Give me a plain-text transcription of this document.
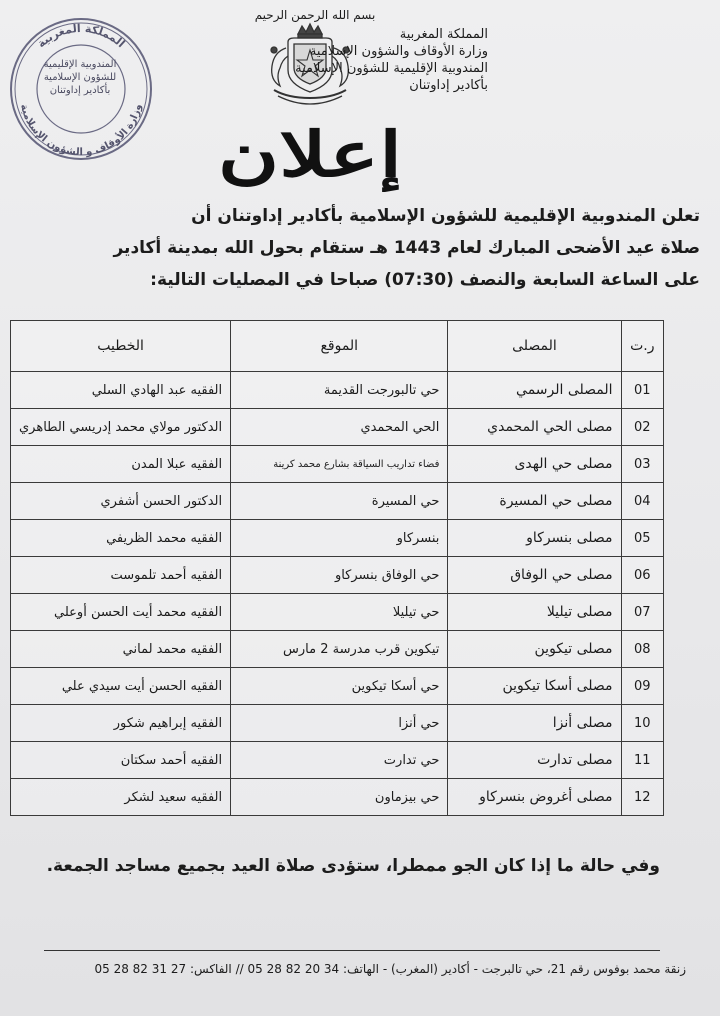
المملكة المغربية
وزارة الأوقاف و الشؤون الإسلامية
المندوبية الإقليمية
للشؤون الإسلامية
بأكادير إداوتنان
بسم الله الرحمن الرحيم
المملكة المغربية
وزارة الأوقاف والشؤون الإسلامية
المندوبية الإقليمية للشؤون الإسلامية
بأكادير إداوتنان
إعلان
تعلن المندوبية الإقليمية للشؤون الإسلامية بأكادير إداوتنان أن
صلاة عيد الأضحى المبارك لعام 1443 هـ ستقام بحول الله بمدينة أكادير
على الساعة السابعة والنصف (07:30) صباحا في المصليات التالية:
ر.ت	المصلى	الموقع	الخطيب
01	المصلى الرسمي	حي تالبورجت القديمة	الفقيه عبد الهادي السلي
02	مصلى الحي المحمدي	الحي المحمدي	الدكتور مولاي محمد إدريسي الطاهري
03	مصلى حي الهدى	فضاء تداريب السياقة بشارع محمد كرينة	الفقيه عبلا المدن
04	مصلى حي المسيرة	حي المسيرة	الدكتور الحسن أشفري
05	مصلى بنسركاو	بنسركاو	الفقيه محمد الظريفي
06	مصلى حي الوفاق	حي الوفاق بنسركاو	الفقيه أحمد تلموست
07	مصلى تيليلا	حي تيليلا	الفقيه محمد أيت الحسن أوعلي
08	مصلى تيكوين	تيكوين قرب مدرسة 2 مارس	الفقيه محمد لماني
09	مصلى أسكا تيكوين	حي أسكا تيكوين	الفقيه الحسن أيت سيدي علي
10	مصلى أنزا	حي أنزا	الفقيه إبراهيم شكور
11	مصلى تدارت	حي تدارت	الفقيه أحمد سكتان
12	مصلى أغروض بنسركاو	حي بيزماون	الفقيه سعيد لشكر
وفي حالة ما إذا كان الجو ممطرا، ستؤدى صلاة العيد بجميع مساجد الجمعة.
زنقة محمد بوفوس رقم 21، حي تالبرجت - أكادير (المغرب) - الهاتف: 34 20 82 28 05 // الفاكس: 27 31 82 28 05
